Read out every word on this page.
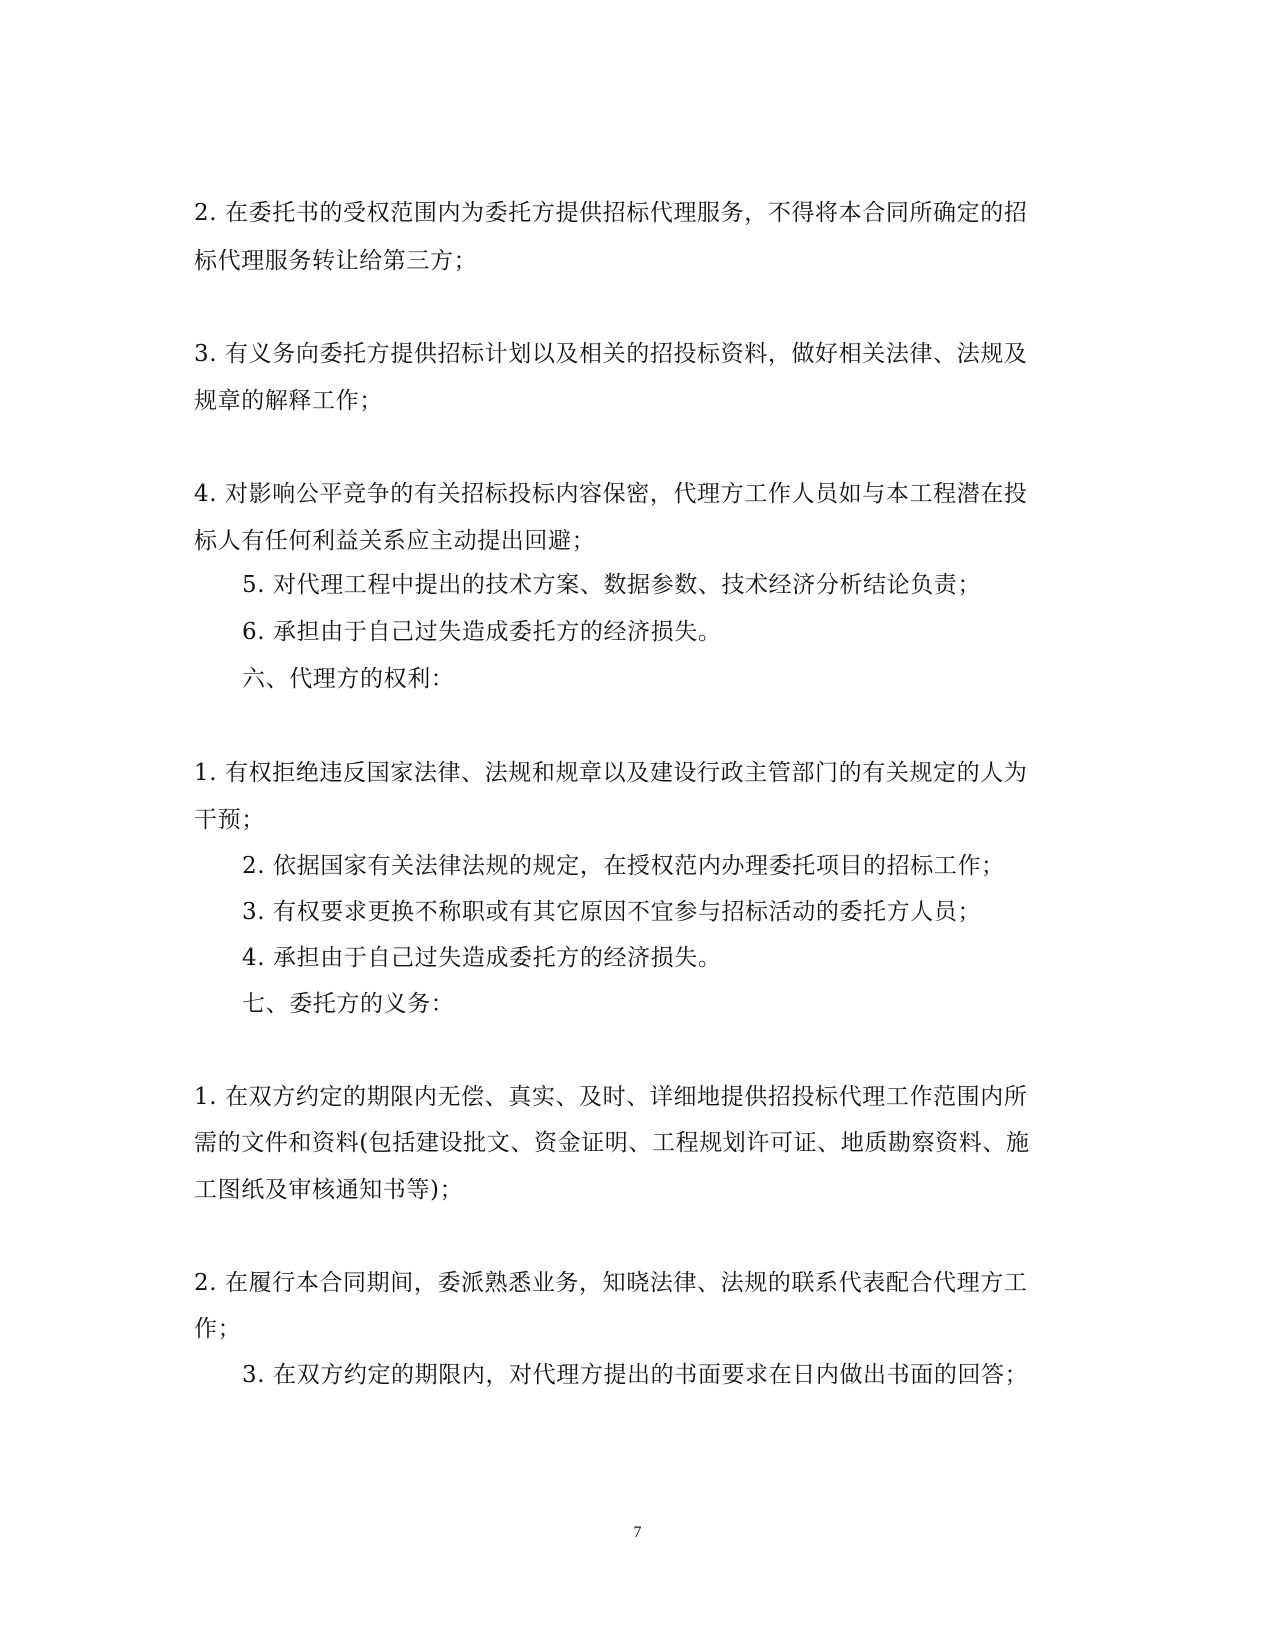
2. 在委托书的受权范围内为委托方提供招标代理服务，不得将本合同所确定的招
标代理服务转让给第三方；
3. 有义务向委托方提供招标计划以及相关的招投标资料，做好相关法律、法规及
规章的解释工作；
4. 对影响公平竞争的有关招标投标内容保密，代理方工作人员如与本工程潜在投
标人有任何利益关系应主动提出回避；
5. 对代理工程中提出的技术方案、数据参数、技术经济分析结论负责；
6. 承担由于自己过失造成委托方的经济损失。
六、代理方的权利：
1. 有权拒绝违反国家法律、法规和规章以及建设行政主管部门的有关规定的人为
干预；
2. 依据国家有关法律法规的规定，在授权范内办理委托项目的招标工作；
3. 有权要求更换不称职或有其它原因不宜参与招标活动的委托方人员；
4. 承担由于自己过失造成委托方的经济损失。
七、委托方的义务：
1. 在双方约定的期限内无偿、真实、及时、详细地提供招投标代理工作范围内所
需的文件和资料(包括建设批文、资金证明、工程规划许可证、地质勘察资料、施
工图纸及审核通知书等)；
2. 在履行本合同期间，委派熟悉业务，知晓法律、法规的联系代表配合代理方工
作；
3. 在双方约定的期限内，对代理方提出的书面要求在日内做出书面的回答；
7
